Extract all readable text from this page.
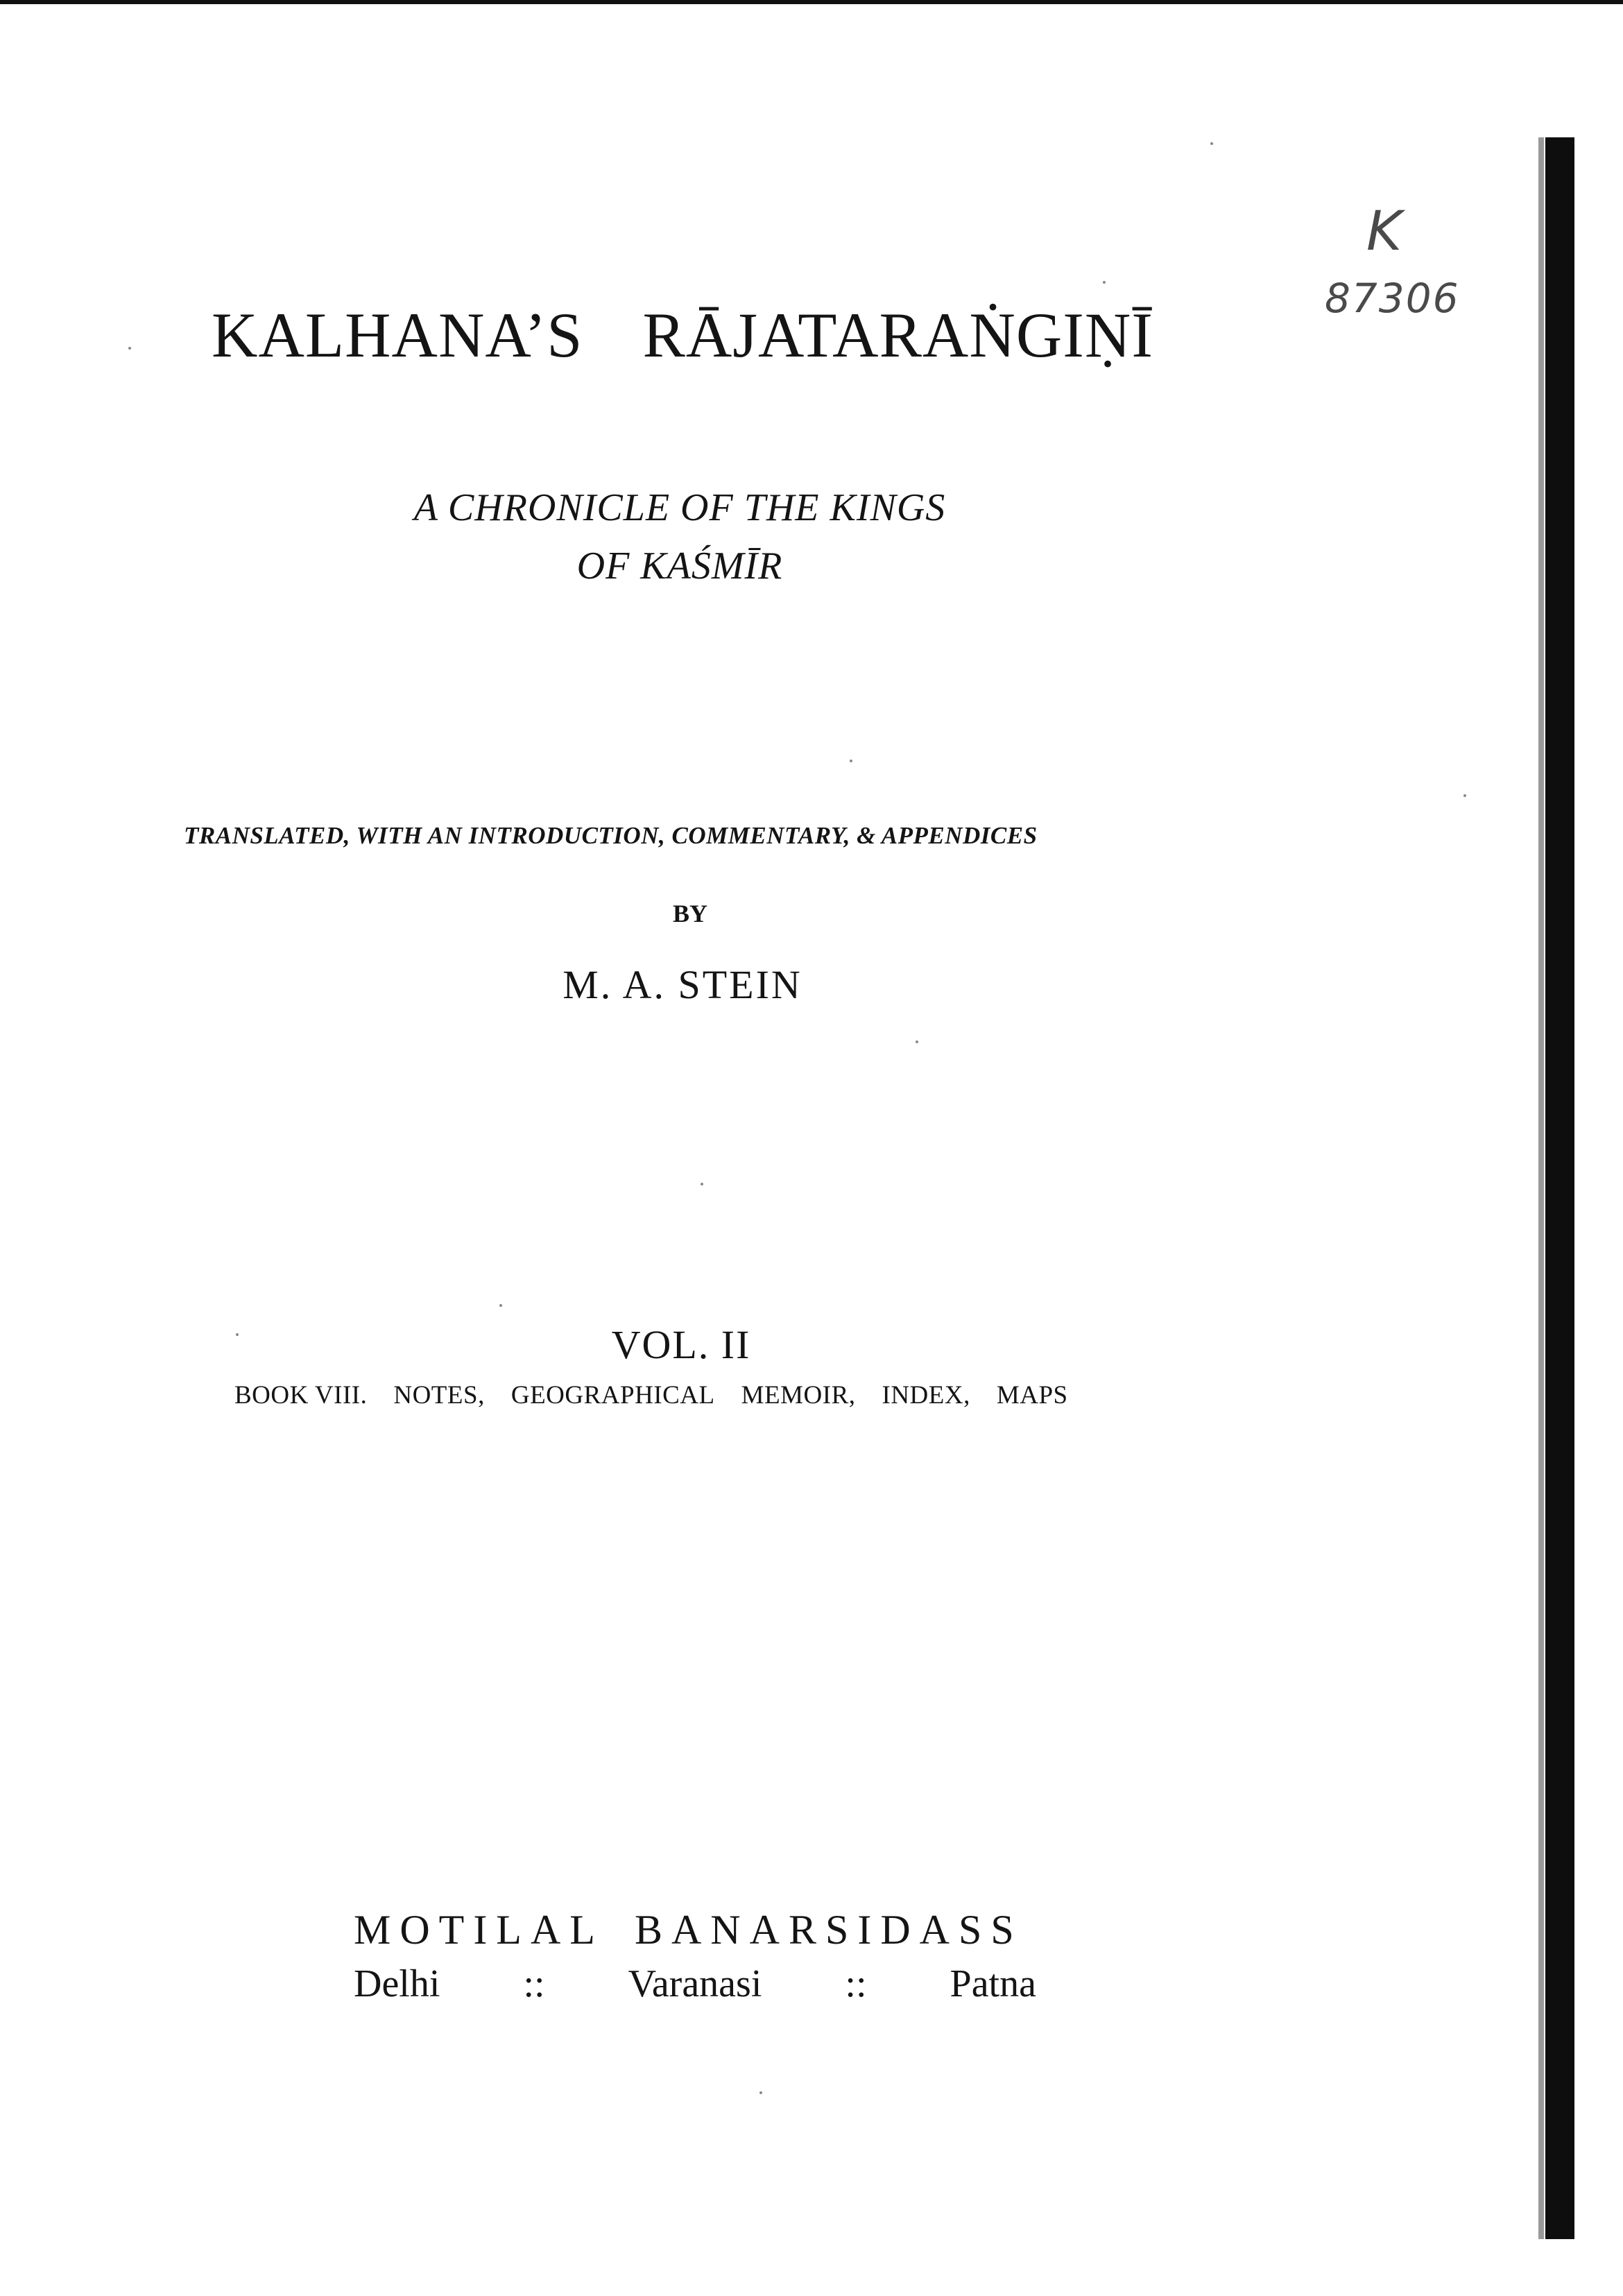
KALHANA’S RĀJATARAṄGIṆĪ
A CHRONICLE OF THE KINGS
OF KAŚMĪR
TRANSLATED, WITH AN INTRODUCTION, COMMENTARY, & APPENDICES
BY
M. A. STEIN
VOL. II
BOOK VIII. NOTES, GEOGRAPHICAL MEMOIR, INDEX, MAPS
MOTILAL BANARSIDASS
Delhi :: Varanasi :: Patna
K
87306
